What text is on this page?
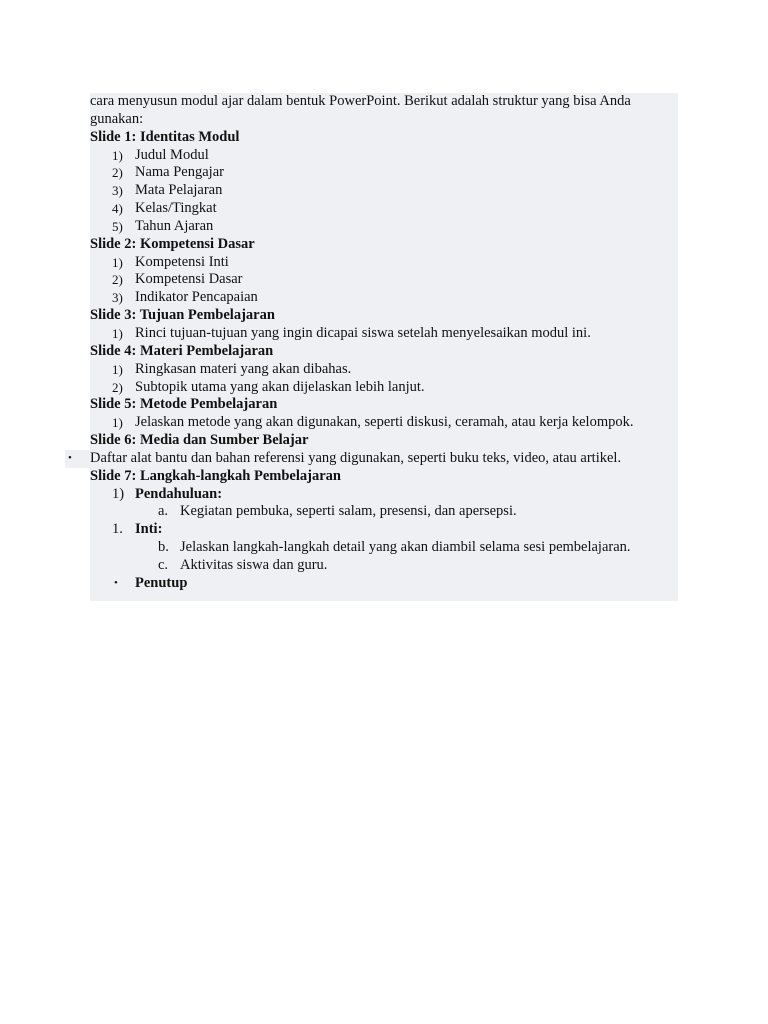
cara menyusun modul ajar dalam bentuk PowerPoint. Berikut adalah struktur yang bisa Anda gunakan:
Slide 1: Identitas Modul
1) Judul Modul
2) Nama Pengajar
3) Mata Pelajaran
4) Kelas/Tingkat
5) Tahun Ajaran
Slide 2: Kompetensi Dasar
1) Kompetensi Inti
2) Kompetensi Dasar
3) Indikator Pencapaian
Slide 3: Tujuan Pembelajaran
1) Rinci tujuan-tujuan yang ingin dicapai siswa setelah menyelesaikan modul ini.
Slide 4: Materi Pembelajaran
1) Ringkasan materi yang akan dibahas.
2) Subtopik utama yang akan dijelaskan lebih lanjut.
Slide 5: Metode Pembelajaran
1) Jelaskan metode yang akan digunakan, seperti diskusi, ceramah, atau kerja kelompok.
Slide 6: Media dan Sumber Belajar
• Daftar alat bantu dan bahan referensi yang digunakan, seperti buku teks, video, atau artikel.
Slide 7: Langkah-langkah Pembelajaran
1) Pendahuluan:
a. Kegiatan pembuka, seperti salam, presensi, dan apersepsi.
1. Inti:
b. Jelaskan langkah-langkah detail yang akan diambil selama sesi pembelajaran.
c. Aktivitas siswa dan guru.
• Penutup
